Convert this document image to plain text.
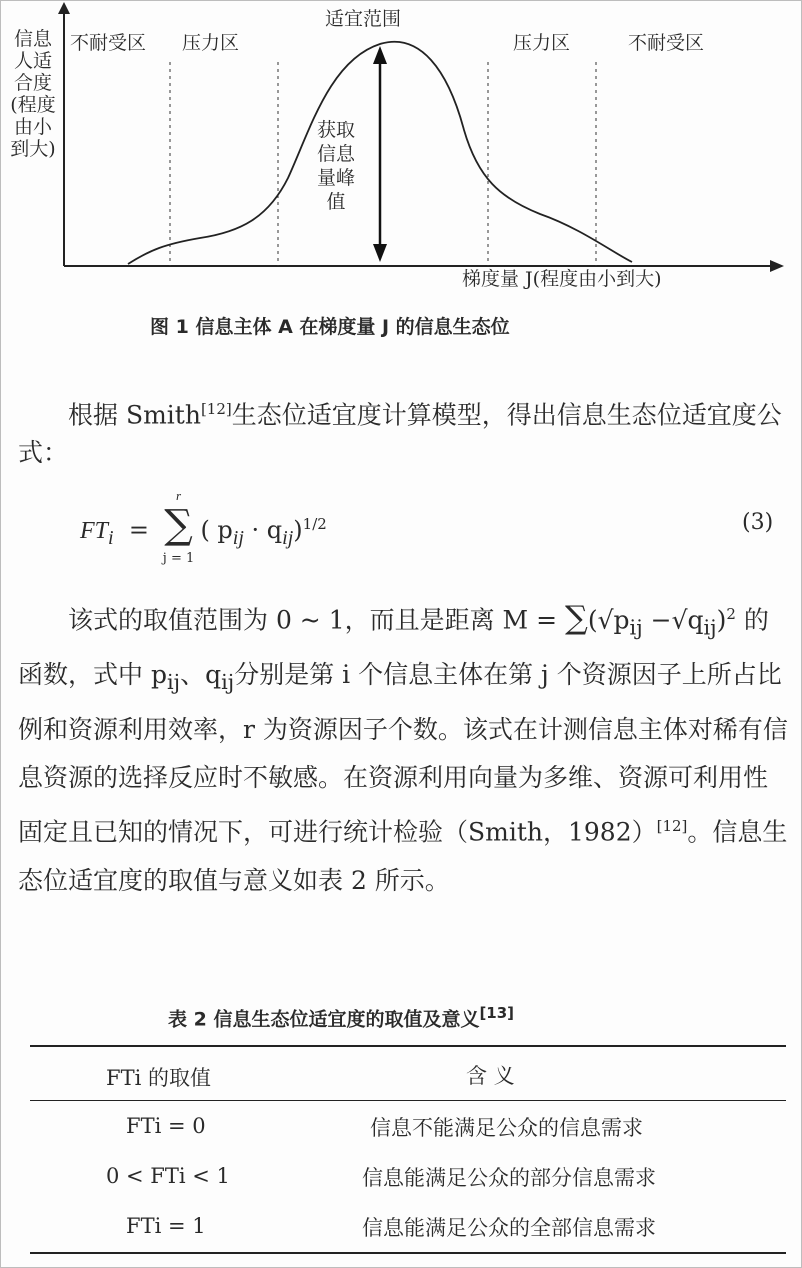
信息人适合度(程度由小到大)
不耐受区 压力区
适宜范围
压力区	不耐受区
获取信息量峰值
梯度量 J(程度由小到大)
图 1 信息主体 A 在梯度量 J 的信息生态位
根据 Smith[12]生态位适宜度计算模型，得出信息生态位适宜度公式：
$FT_i$  =
r
∑
j = 1
( $p_{ij} \cdot q_{ij})^{1/2}$	(3)
该式的取值范围为 0 ~ 1，而且是距离 $M = \sum(√p_{ij} -√q_{ij})^2$ 的函数，式中 $p_{ij}$、$q_{ij}$分别是第 i 个信息主体在第 j 个资源因子上所占比例和资源利用效率，r 为资源因子个数。该式在计测信息主体对稀有信息资源的选择反应时不敏感。在资源利用向量为多维、资源可利用性固定且已知的情况下，可进行统计检验（Smith，1982）[12]。信息生态位适宜度的取值与意义如表 2 所示。
表 2 信息生态位适宜度的取值及意义[13]
FTi 的取值	含 义
FTi = 0	信息不能满足公众的信息需求
0 < FTi < 1	信息能满足公众的部分信息需求
FTi = 1	信息能满足公众的全部信息需求
